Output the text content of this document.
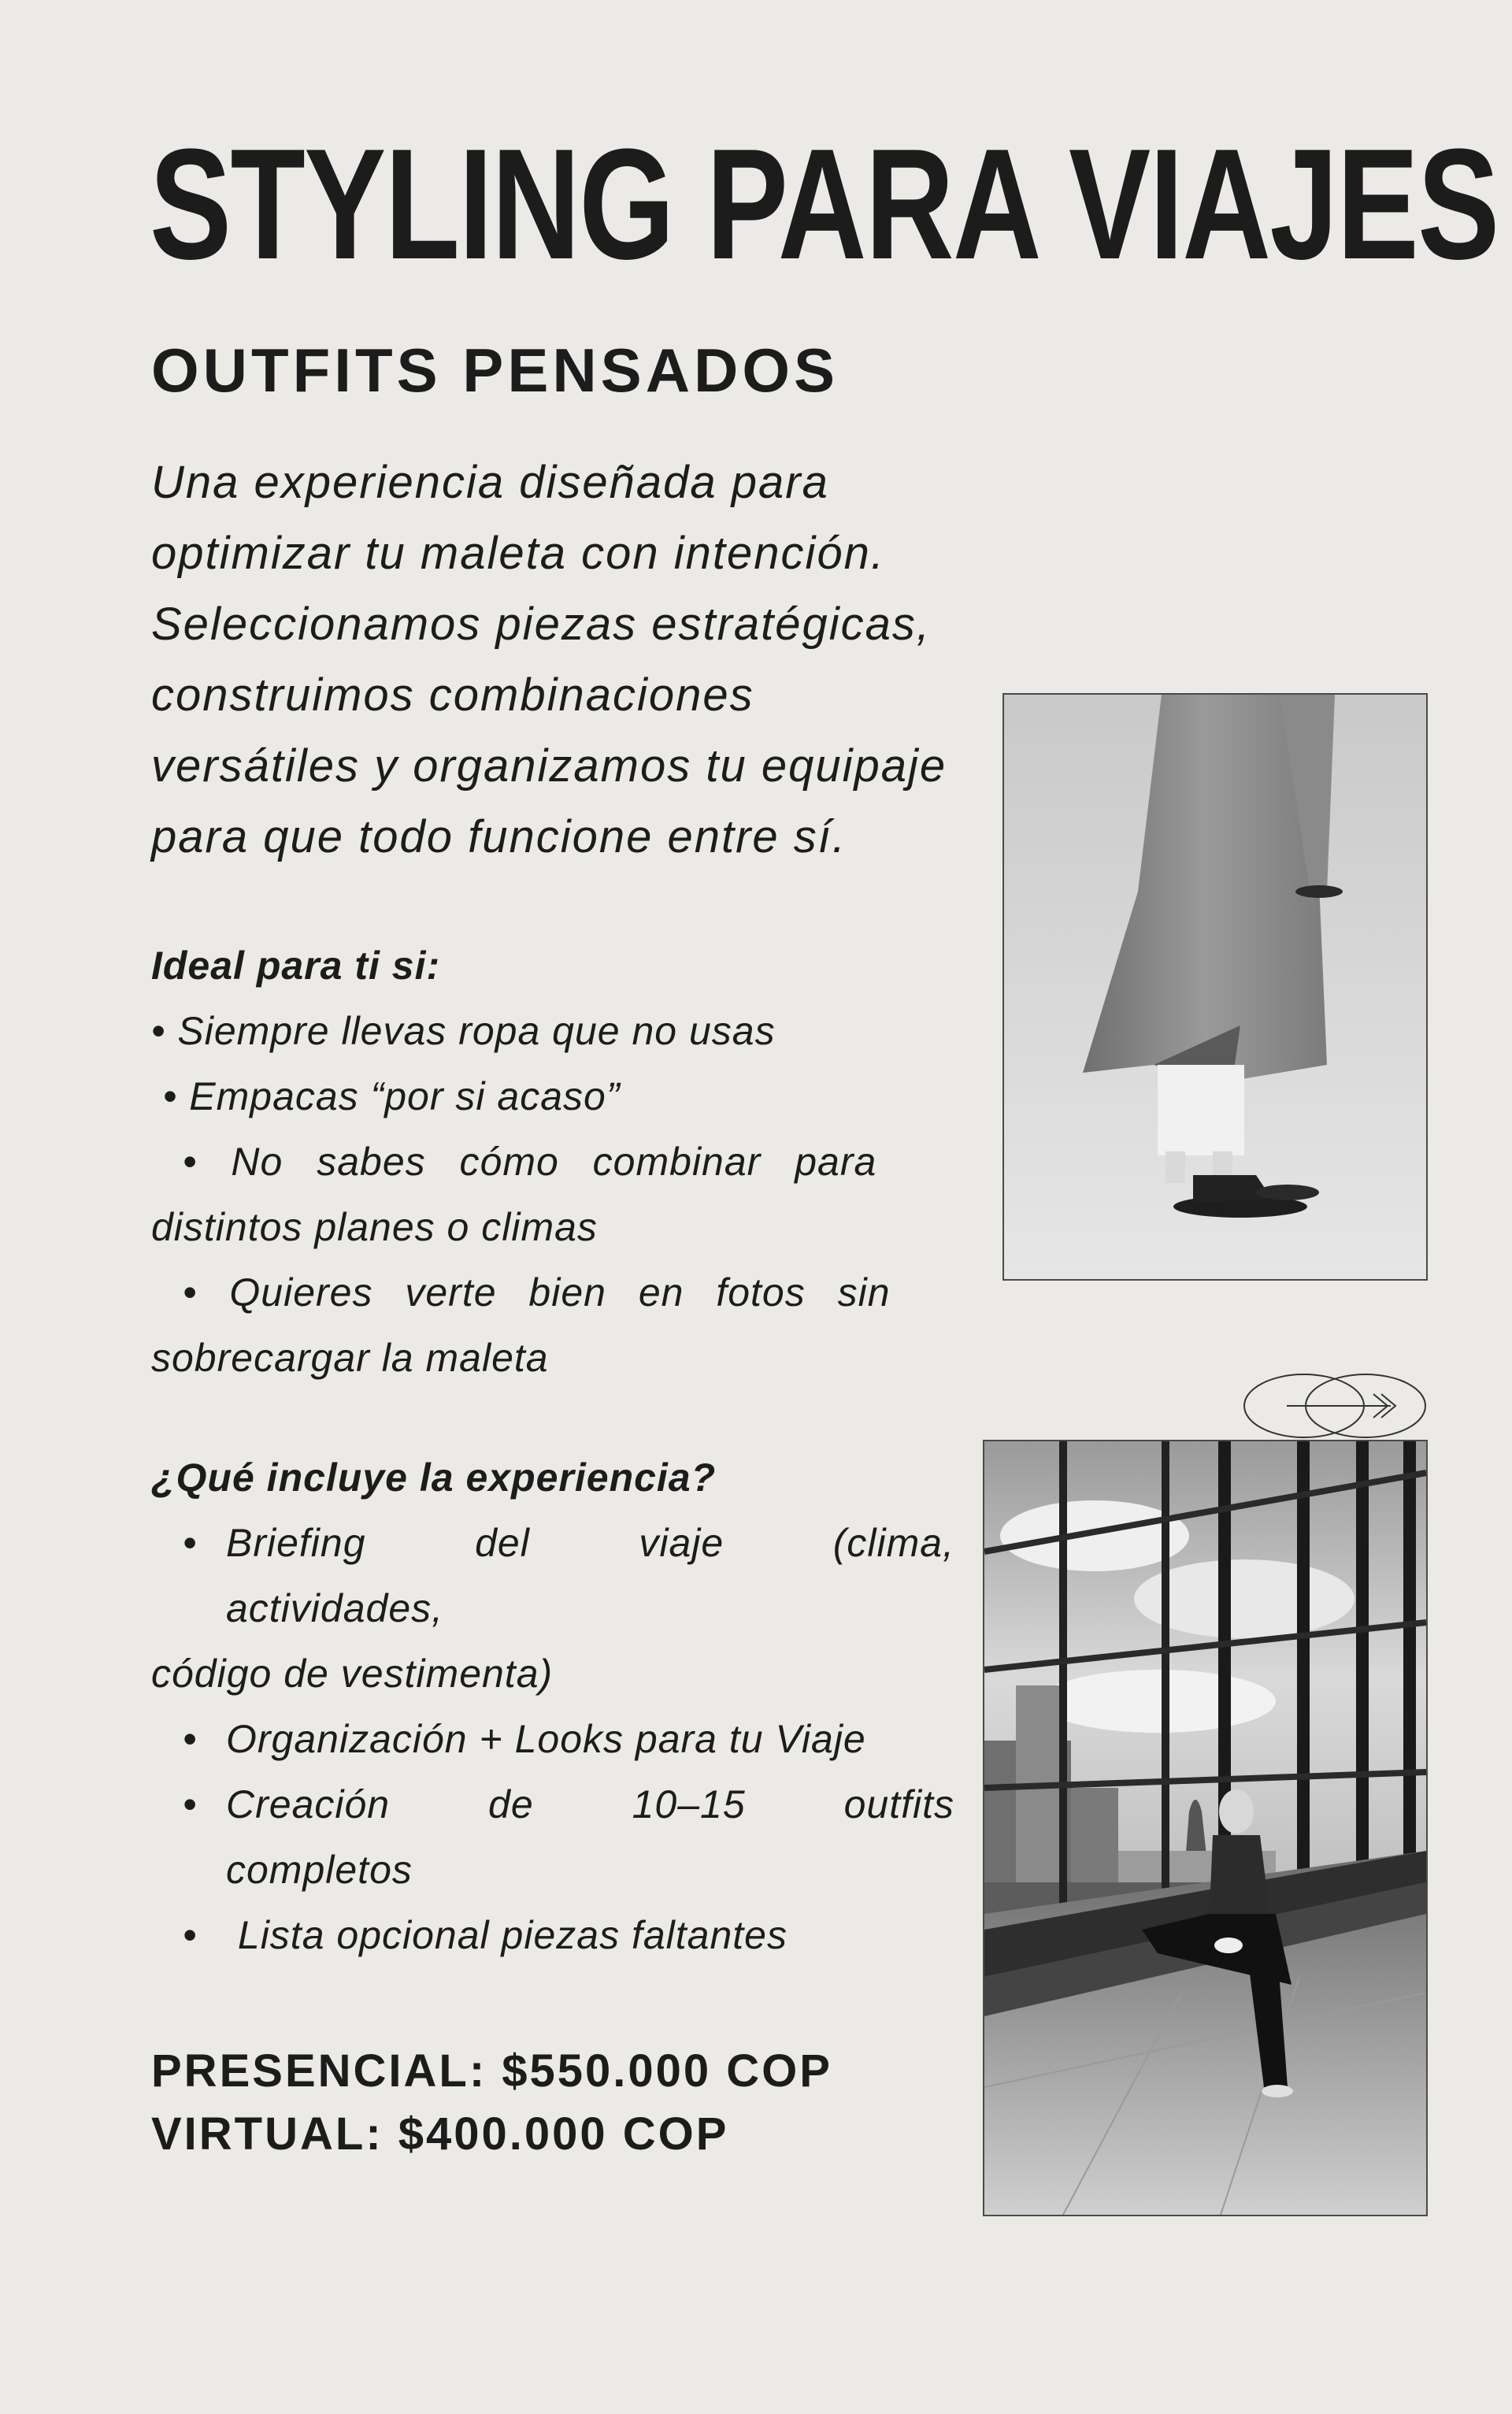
STYLING PARA VIAJES
OUTFITS PENSADOS

Una experiencia diseñada para
optimizar tu maleta con intención.
Seleccionamos piezas estratégicas,
construimos combinaciones
versátiles y organizamos tu equipaje
para que todo funcione entre sí.

Ideal para ti si:
• Siempre llevas ropa que no usas
• Empacas “por si acaso”
• No sabes cómo combinar para
distintos planes o climas
• Quieres verte bien en fotos sin
sobrecargar la maleta
¿Qué incluye la experiencia?
• Briefing	del	viaje	(clima,
actividades,
código de vestimenta)
• Organización + Looks para tu Viaje
• Creación de 10–15 outfits
completos
• Lista opcional piezas faltantes
PRESENCIAL: $550.000 COP
VIRTUAL: $400.000 COP
